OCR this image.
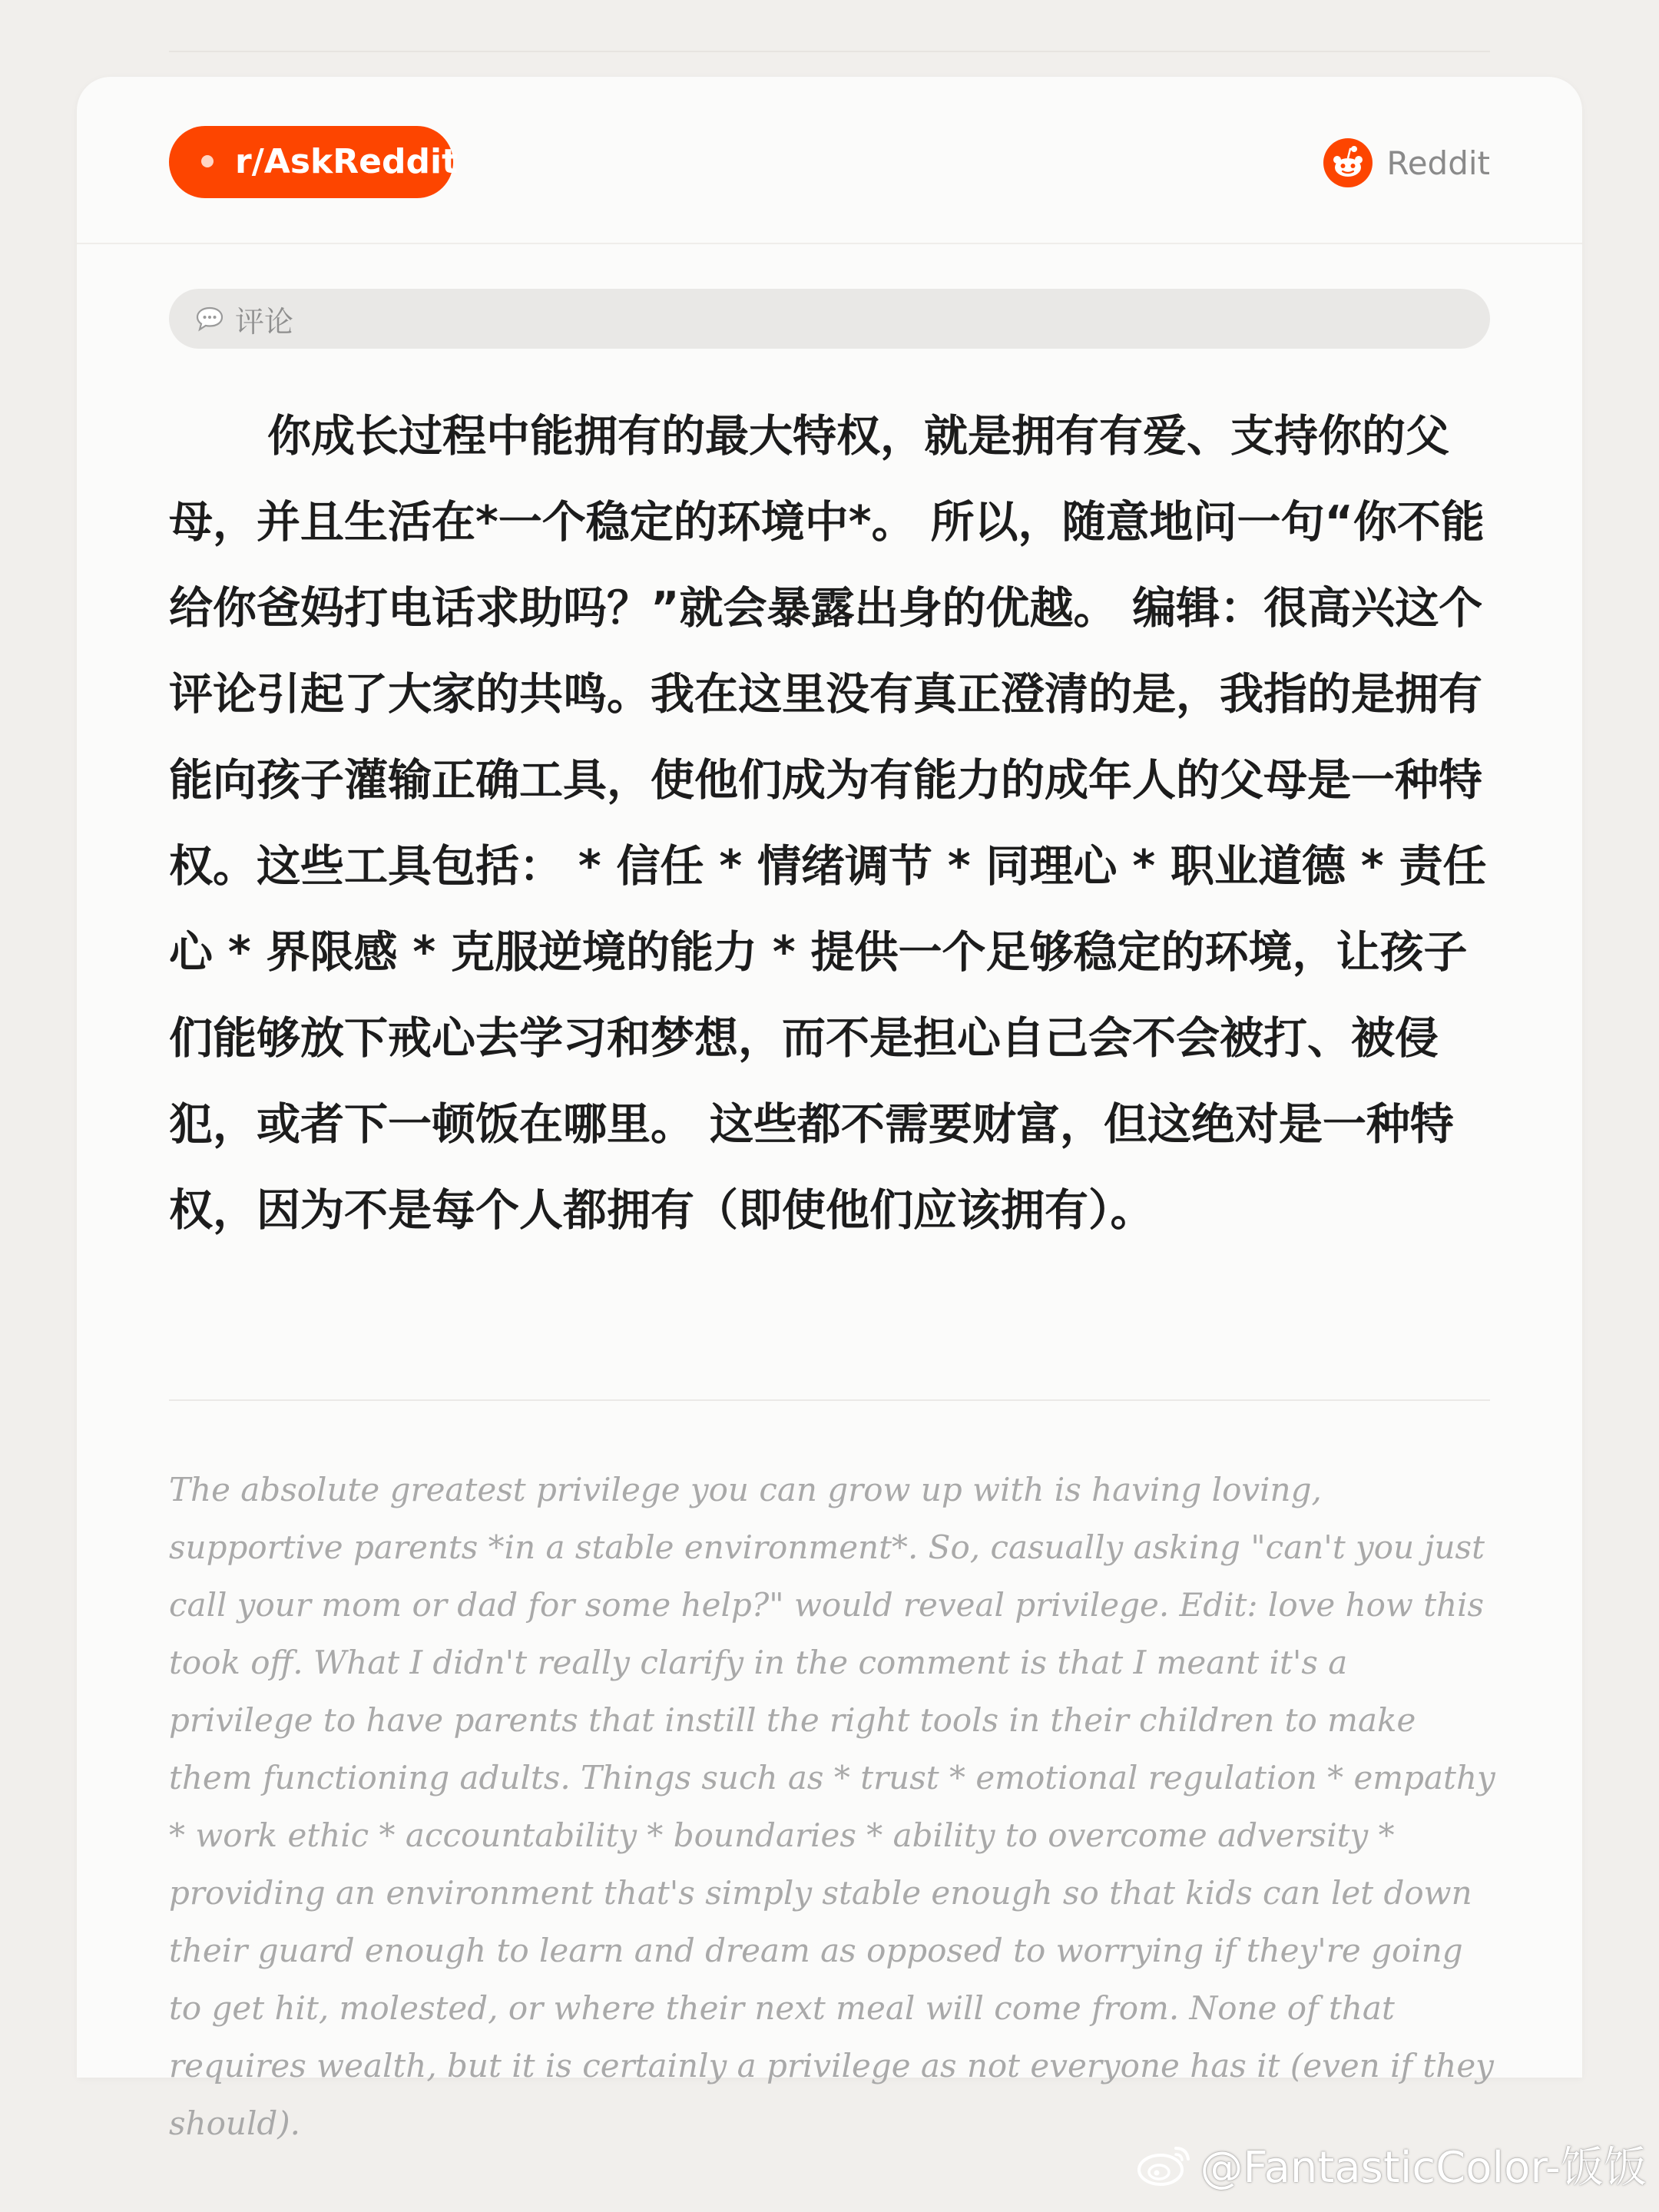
r/AskReddit	Reddit
评论

你成长过程中能拥有的最大特权，就是拥有有爱、支持你的父母，并且生活在*一个稳定的环境中*。 所以，随意地问一句“你不能给你爸妈打电话求助吗？”就会暴露出身的优越。 编辑：很高兴这个评论引起了大家的共鸣。我在这里没有真正澄清的是，我指的是拥有能向孩子灌输正确工具，使他们成为有能力的成年人的父母是一种特权。这些工具包括： * 信任 * 情绪调节 * 同理心 * 职业道德 * 责任心 * 界限感 * 克服逆境的能力 * 提供一个足够稳定的环境，让孩子们能够放下戒心去学习和梦想，而不是担心自己会不会被打、被侵犯，或者下一顿饭在哪里。 这些都不需要财富，但这绝对是一种特权，因为不是每个人都拥有（即使他们应该拥有）。

The absolute greatest privilege you can grow up with is having loving, supportive parents *in a stable environment*. So, casually asking "can't you just call your mom or dad for some help?" would reveal privilege. Edit: love how this took off. What I didn't really clarify in the comment is that I meant it's a privilege to have parents that instill the right tools in their children to make them functioning adults. Things such as * trust * emotional regulation * empathy * work ethic * accountability * boundaries * ability to overcome adversity * providing an environment that's simply stable enough so that kids can let down their guard enough to learn and dream as opposed to worrying if they're going to get hit, molested, or where their next meal will come from. None of that requires wealth, but it is certainly a privilege as not everyone has it (even if they should).

@FantasticColor-饭饭
